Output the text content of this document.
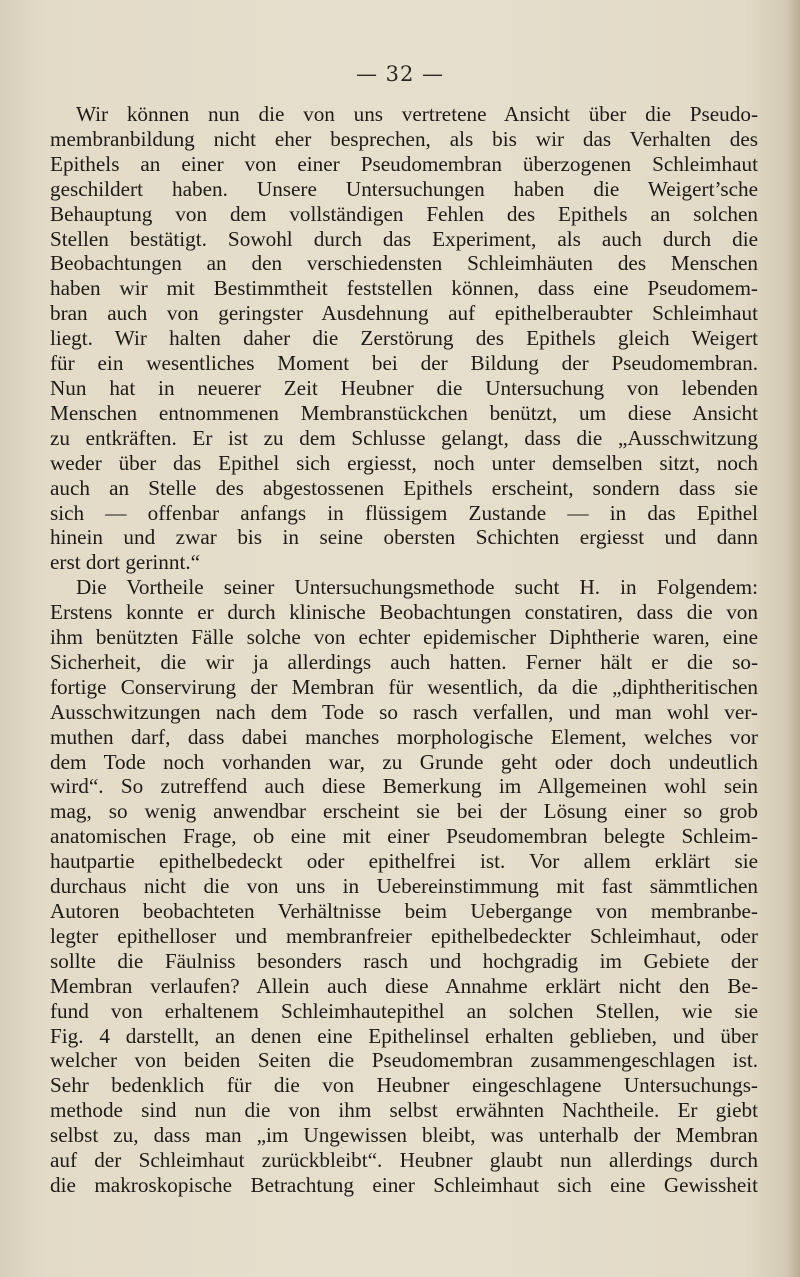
— 32 —
Wir können nun die von uns vertretene Ansicht über die Pseudo-
membranbildung nicht eher besprechen, als bis wir das Verhalten des
Epithels an einer von einer Pseudomembran überzogenen Schleimhaut
geschildert haben. Unsere Untersuchungen haben die Weigert’sche
Behauptung von dem vollständigen Fehlen des Epithels an solchen
Stellen bestätigt. Sowohl durch das Experiment, als auch durch die
Beobachtungen an den verschiedensten Schleimhäuten des Menschen
haben wir mit Bestimmtheit feststellen können, dass eine Pseudomem-
bran auch von geringster Ausdehnung auf epithelberaubter Schleimhaut
liegt. Wir halten daher die Zerstörung des Epithels gleich Weigert
für ein wesentliches Moment bei der Bildung der Pseudomembran.
Nun hat in neuerer Zeit Heubner die Untersuchung von lebenden
Menschen entnommenen Membranstückchen benützt, um diese Ansicht
zu entkräften. Er ist zu dem Schlusse gelangt, dass die „Ausschwitzung
weder über das Epithel sich ergiesst, noch unter demselben sitzt, noch
auch an Stelle des abgestossenen Epithels erscheint, sondern dass sie
sich — offenbar anfangs in flüssigem Zustande — in das Epithel
hinein und zwar bis in seine obersten Schichten ergiesst und dann
erst dort gerinnt.“
Die Vortheile seiner Untersuchungsmethode sucht H. in Folgendem:
Erstens konnte er durch klinische Beobachtungen constatiren, dass die von
ihm benützten Fälle solche von echter epidemischer Diphtherie waren, eine
Sicherheit, die wir ja allerdings auch hatten. Ferner hält er die so-
fortige Conservirung der Membran für wesentlich, da die „diphtheritischen
Ausschwitzungen nach dem Tode so rasch verfallen, und man wohl ver-
muthen darf, dass dabei manches morphologische Element, welches vor
dem Tode noch vorhanden war, zu Grunde geht oder doch undeutlich
wird“. So zutreffend auch diese Bemerkung im Allgemeinen wohl sein
mag, so wenig anwendbar erscheint sie bei der Lösung einer so grob
anatomischen Frage, ob eine mit einer Pseudomembran belegte Schleim-
hautpartie epithelbedeckt oder epithelfrei ist. Vor allem erklärt sie
durchaus nicht die von uns in Uebereinstimmung mit fast sämmtlichen
Autoren beobachteten Verhältnisse beim Uebergange von membranbe-
legter epithelloser und membranfreier epithelbedeckter Schleimhaut, oder
sollte die Fäulniss besonders rasch und hochgradig im Gebiete der
Membran verlaufen? Allein auch diese Annahme erklärt nicht den Be-
fund von erhaltenem Schleimhautepithel an solchen Stellen, wie sie
Fig. 4 darstellt, an denen eine Epithelinsel erhalten geblieben, und über
welcher von beiden Seiten die Pseudomembran zusammengeschlagen ist.
Sehr bedenklich für die von Heubner eingeschlagene Untersuchungs-
methode sind nun die von ihm selbst erwähnten Nachtheile. Er giebt
selbst zu, dass man „im Ungewissen bleibt, was unterhalb der Membran
auf der Schleimhaut zurückbleibt“. Heubner glaubt nun allerdings durch
die makroskopische Betrachtung einer Schleimhaut sich eine Gewissheit
